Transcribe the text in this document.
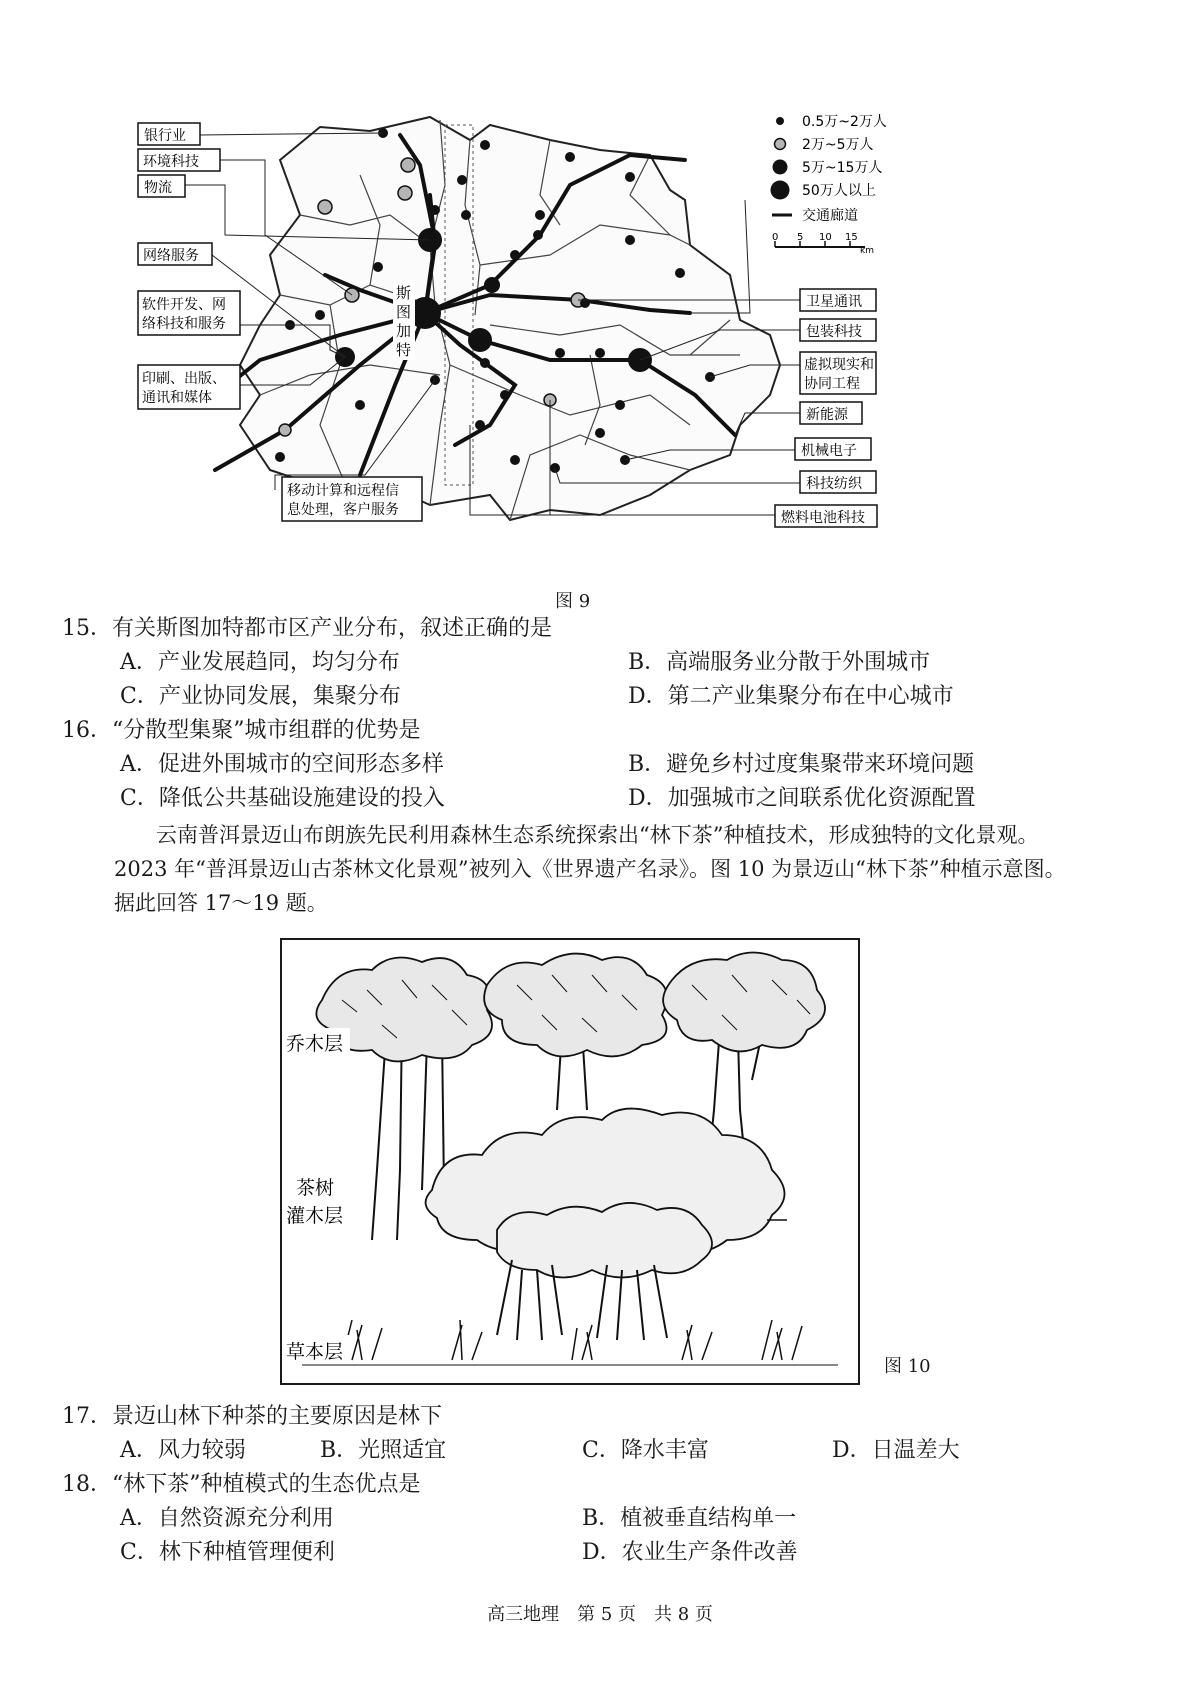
银行业
环境科技
物流
网络服务
软件开发、网
络科技和服务
印刷、出版、
通讯和媒体
移动计算和远程信
息处理，客户服务
卫星通讯
包装科技
虚拟现实和
协同工程
新能源
机械电子
科技纺织
燃料电池科技
斯
图
加
特
0.5万~2万人
2万~5万人
5万~15万人
50万人以上
交通廊道
0 5 10 15
km
图 9
15．有关斯图加特都市区产业分布，叙述正确的是
A．产业发展趋同，均匀分布	B．高端服务业分散于外围城市
C．产业协同发展，集聚分布	D．第二产业集聚分布在中心城市
16．“分散型集聚”城市组群的优势是
A．促进外围城市的空间形态多样	B．避免乡村过度集聚带来环境问题
C．降低公共基础设施建设的投入	D．加强城市之间联系优化资源配置
云南普洱景迈山布朗族先民利用森林生态系统探索出“林下茶”种植技术，形成独特的文化景观。2023 年“普洱景迈山古茶林文化景观”被列入《世界遗产名录》。图 10 为景迈山“林下茶”种植示意图。据此回答 17～19 题。
乔木层
茶树
灌木层
草本层
图 10
17．景迈山林下种茶的主要原因是林下
A．风力较弱	B．光照适宜	C．降水丰富	D．日温差大
18．“林下茶”种植模式的生态优点是
A．自然资源充分利用	B．植被垂直结构单一
C．林下种植管理便利	D．农业生产条件改善
高三地理　第 5 页　共 8 页
